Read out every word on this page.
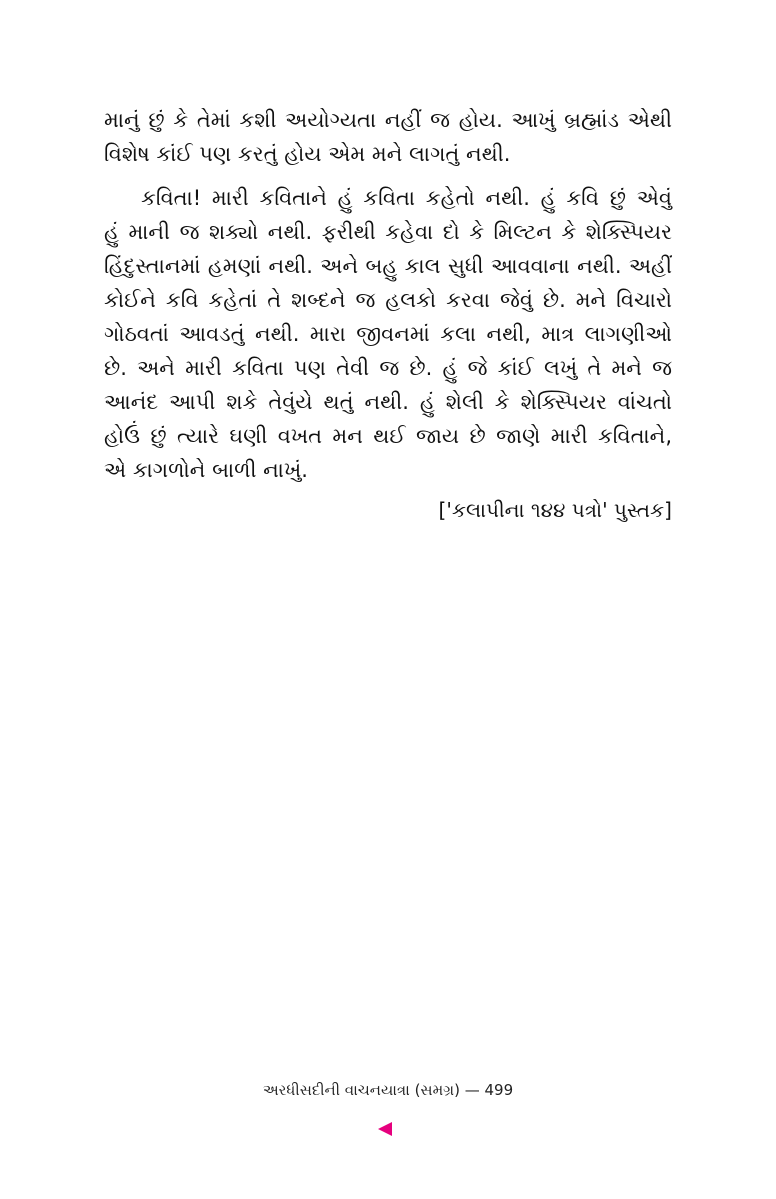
માનું છું કે તેમાં કશી અયોગ્યતા નહીં જ હોય. આખું બ્રહ્માંડ એથી
વિશેષ કાંઈ પણ કરતું હોય એમ મને લાગતું નથી.
કવિતા! મારી કવિતાને હું કવિતા કહેતો નથી. હું કવિ છું એવું
હું માની જ શક્યો નથી. ફરીથી કહેવા દો કે મિલ્ટન કે શેક્સ્પિયર
હિંદુસ્તાનમાં હમણાં નથી. અને બહુ કાલ સુધી આવવાના નથી. અહીં
કોઈને કવિ કહેતાં તે શબ્દને જ હલકો કરવા જેવું છે. મને વિચારો
ગોઠવતાં આવડતું નથી. મારા જીવનમાં કલા નથી, માત્ર લાગણીઓ
છે. અને મારી કવિતા પણ તેવી જ છે. હું જે કાંઈ લખું તે મને જ
આનંદ આપી શકે તેવુંયે થતું નથી. હું શેલી કે શેક્સ્પિયર વાંચતો
હોઉં છું ત્યારે ઘણી વખત મન થઈ જાય છે જાણે મારી કવિતાને,
એ કાગળોને બાળી નાખું.
['કલાપીના ૧૪૪ પત્રો' પુસ્તક]
અરધીસદીની વાચનયાત્રા (સમગ્ર) — 499
